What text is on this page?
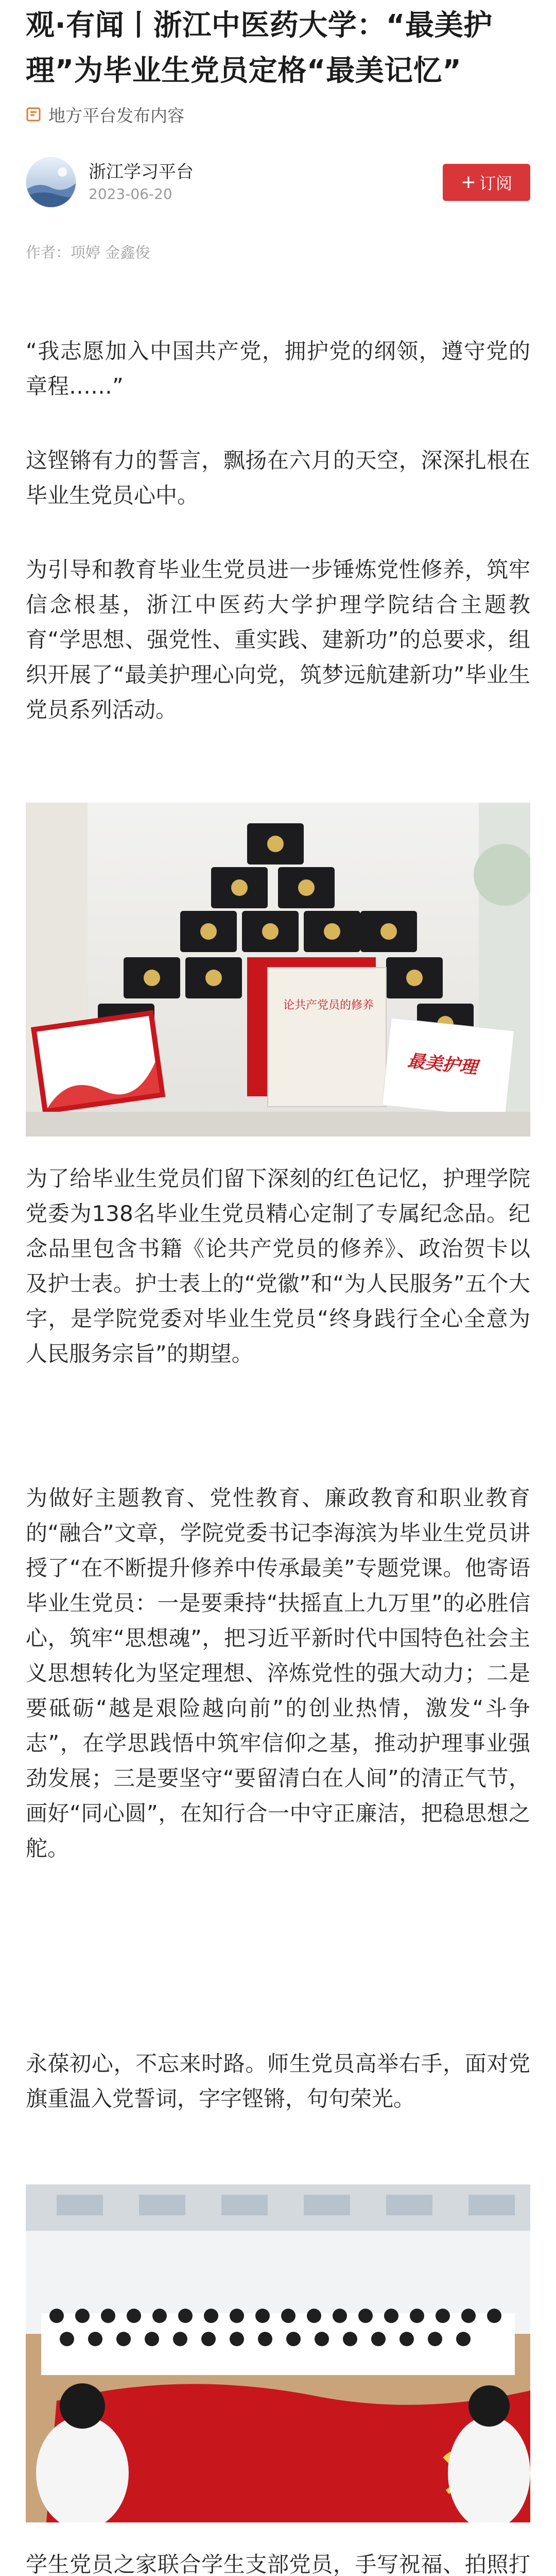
观·有闻丨浙江中医药大学：“最美护理”为毕业生党员定格“最美记忆”
地方平台发布内容
浙江学习平台
2023-06-20
+ 订阅
作者：项婷 金鑫俊

“我志愿加入中国共产党，拥护党的纲领，遵守党的章程……”

这铿锵有力的誓言，飘扬在六月的天空，深深扎根在毕业生党员心中。

为引导和教育毕业生党员进一步锤炼党性修养，筑牢信念根基，浙江中医药大学护理学院结合主题教育“学思想、强党性、重实践、建新功”的总要求，组织开展了“最美护理心向党，筑梦远航建新功”毕业生党员系列活动。

论共产党员的修养
最美护理

为了给毕业生党员们留下深刻的红色记忆，护理学院党委为138名毕业生党员精心定制了专属纪念品。纪念品里包含书籍《论共产党员的修养》、政治贺卡以及护士表。护士表上的“党徽”和“为人民服务”五个大字，是学院党委对毕业生党员“终身践行全心全意为人民服务宗旨”的期望。

为做好主题教育、党性教育、廉政教育和职业教育的“融合”文章，学院党委书记李海滨为毕业生党员讲授了“在不断提升修养中传承最美”专题党课。他寄语毕业生党员：一是要秉持“扶摇直上九万里”的必胜信心，筑牢“思想魂”，把习近平新时代中国特色社会主义思想转化为坚定理想、淬炼党性的强大动力；二是要砥砺“越是艰险越向前”的创业热情，激发“斗争志”，在学思践悟中筑牢信仰之基，推动护理事业强劲发展；三是要坚守“要留清白在人间”的清正气节，画好“同心圆”，在知行合一中守正廉洁，把稳思想之舵。

永葆初心，不忘来时路。师生党员高举右手，面对党旗重温入党誓词，字字铿锵，句句荣光。

学生党员之家联合学生支部党员，手写祝福、拍照打
